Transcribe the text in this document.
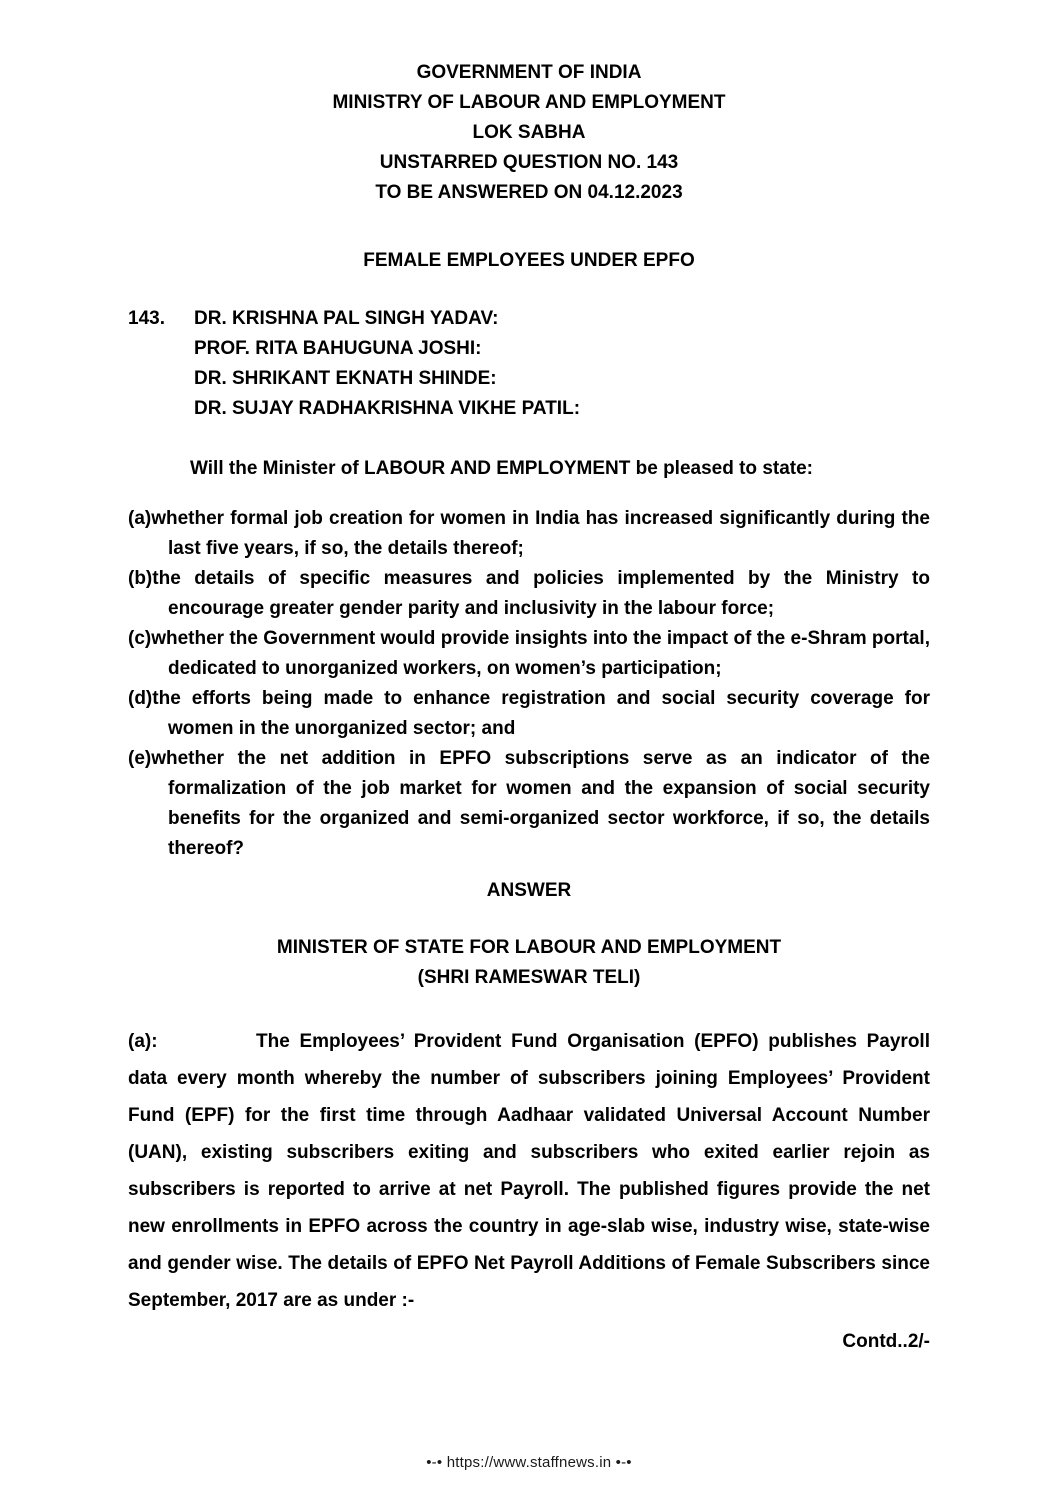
GOVERNMENT OF INDIA
MINISTRY OF LABOUR AND EMPLOYMENT
LOK SABHA
UNSTARRED QUESTION NO. 143
TO BE ANSWERED ON 04.12.2023
FEMALE EMPLOYEES UNDER EPFO
143.	DR. KRISHNA PAL SINGH YADAV:
PROF. RITA BAHUGUNA JOSHI:
DR. SHRIKANT EKNATH SHINDE:
DR. SUJAY RADHAKRISHNA VIKHE PATIL:

Will the Minister of LABOUR AND EMPLOYMENT be pleased to state:

(a)whether formal job creation for women in India has increased significantly during the last five years, if so, the details thereof;
(b)the details of specific measures and policies implemented by the Ministry to encourage greater gender parity and inclusivity in the labour force;
(c)whether the Government would provide insights into the impact of the e-Shram portal, dedicated to unorganized workers, on women’s participation;
(d)the efforts being made to enhance registration and social security coverage for women in the unorganized sector; and
(e)whether the net addition in EPFO subscriptions serve as an indicator of the formalization of the job market for women and the expansion of social security benefits for the organized and semi-organized sector workforce, if so, the details thereof?
ANSWER
MINISTER OF STATE FOR LABOUR AND EMPLOYMENT
(SHRI RAMESWAR TELI)

(a):	The Employees’ Provident Fund Organisation (EPFO) publishes Payroll data every month whereby the number of subscribers joining Employees’ Provident Fund (EPF) for the first time through Aadhaar validated Universal Account Number (UAN), existing subscribers exiting and subscribers who exited earlier rejoin as subscribers is reported to arrive at net Payroll. The published figures provide the net new enrollments in EPFO across the country in age-slab wise, industry wise, state-wise and gender wise. The details of EPFO Net Payroll Additions of Female Subscribers since September, 2017 are as under :-

Contd..2/-
•-• https://www.staffnews.in •-•
